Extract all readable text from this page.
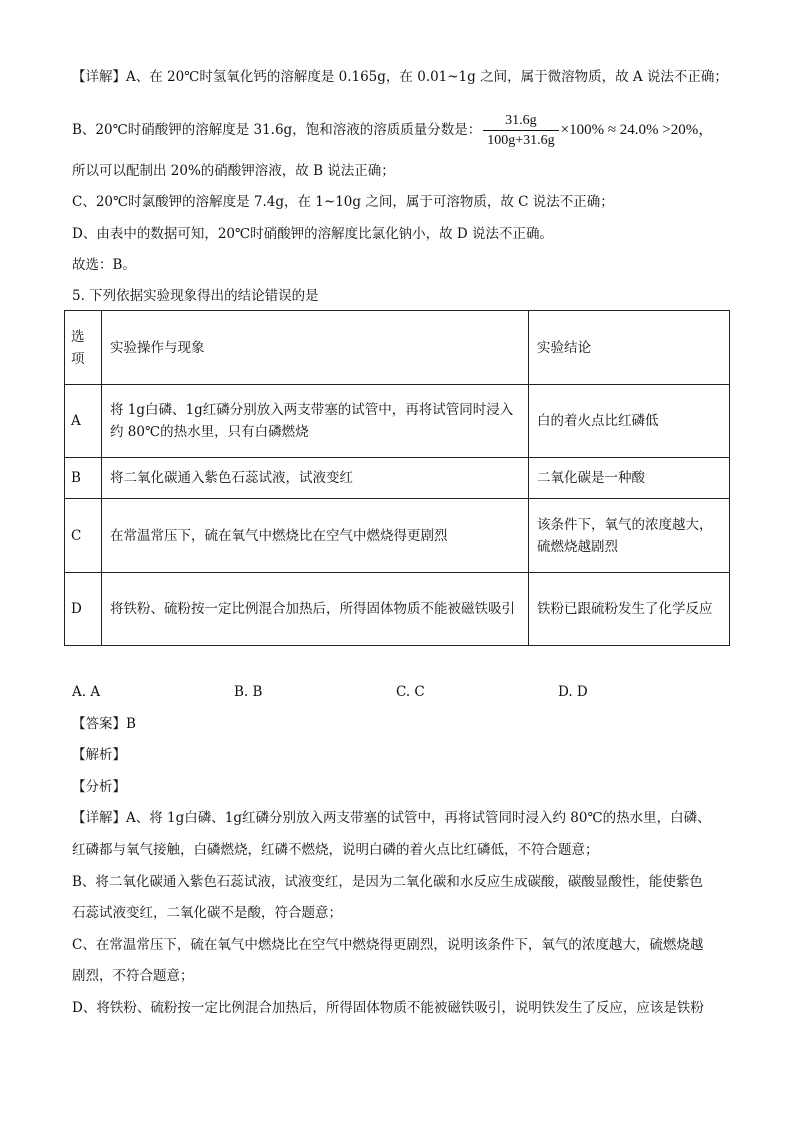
【详解】A、在 20℃时氢氧化钙的溶解度是 0.165g，在 0.01~1g 之间，属于微溶物质，故 A 说法不正确；
B、20℃时硝酸钾的溶解度是 31.6g，饱和溶液的溶质质量分数是： $\frac{31.6g}{100g+31.6g} \times 100\% \approx 24.0\% >20\%$，
所以可以配制出 20%的硝酸钾溶液，故 B 说法正确；
C、20℃时氯酸钾的溶解度是 7.4g，在 1~10g 之间，属于可溶物质，故 C 说法不正确；
D、由表中的数据可知，20℃时硝酸钾的溶解度比氯化钠小，故 D 说法不正确。
故选：B。
5. 下列依据实验现象得出的结论错误的是
选
项	实验操作与现象	实验结论
A	将 1g白磷、1g红磷分别放入两支带塞的试管中，再将试管同时浸入约 80℃的热水里，只有白磷燃烧	白的着火点比红磷低
B	将二氧化碳通入紫色石蕊试液，试液变红	二氧化碳是一种酸
C	在常温常压下，硫在氧气中燃烧比在空气中燃烧得更剧烈	该条件下，氧气的浓度越大，硫燃烧越剧烈
D	将铁粉、硫粉按一定比例混合加热后，所得固体物质不能被磁铁吸引	铁粉已跟硫粉发生了化学反应
A. A	B. B	C. C	D. D
【答案】B
【解析】
【分析】
【详解】A、将 1g白磷、1g红磷分别放入两支带塞的试管中，再将试管同时浸入约 80℃的热水里，白磷、
红磷都与氧气接触，白磷燃烧，红磷不燃烧，说明白磷的着火点比红磷低，不符合题意；
B、将二氧化碳通入紫色石蕊试液，试液变红，是因为二氧化碳和水反应生成碳酸，碳酸显酸性，能使紫色
石蕊试液变红，二氧化碳不是酸，符合题意；
C、在常温常压下，硫在氧气中燃烧比在空气中燃烧得更剧烈，说明该条件下，氧气的浓度越大，硫燃烧越
剧烈，不符合题意；
D、将铁粉、硫粉按一定比例混合加热后，所得固体物质不能被磁铁吸引，说明铁发生了反应，应该是铁粉
